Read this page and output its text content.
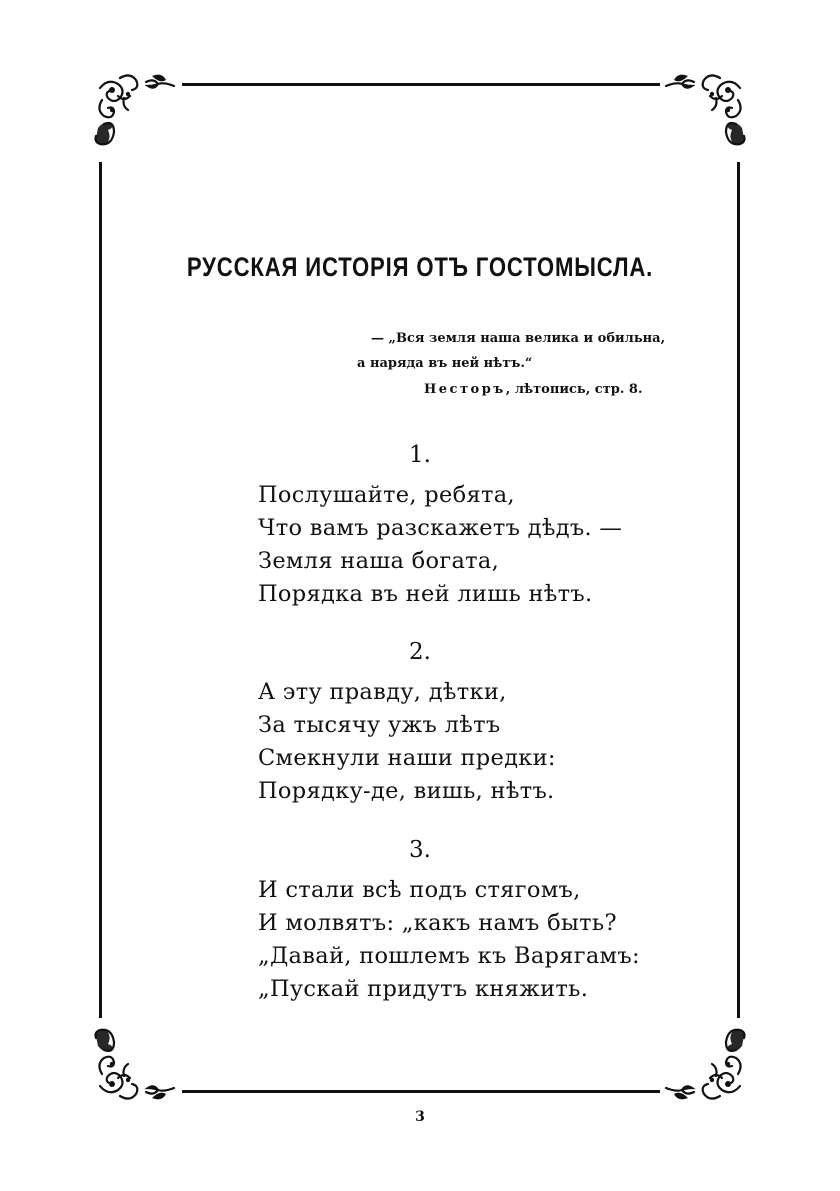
РУССКАЯ ИСТОРІЯ ОТЪ ГОСТОМЫСЛА.
— „Вся земля наша велика и обильна,
а наряда въ ней нѣтъ.“
Несторъ, лѣтопись, стр. 8.
1.
Послушайте, ребята,
Что вамъ разскажетъ дѣдъ. —
Земля наша богата,
Порядка въ ней лишь нѣтъ.
2.
А эту правду, дѣтки,
За тысячу ужъ лѣтъ
Смекнули наши предки:
Порядку-де, вишь, нѣтъ.
3.
И стали всѣ подъ стягомъ,
И молвятъ: „какъ намъ быть?
„Давай, пошлемъ къ Варягамъ:
„Пускай придутъ княжить.
3
